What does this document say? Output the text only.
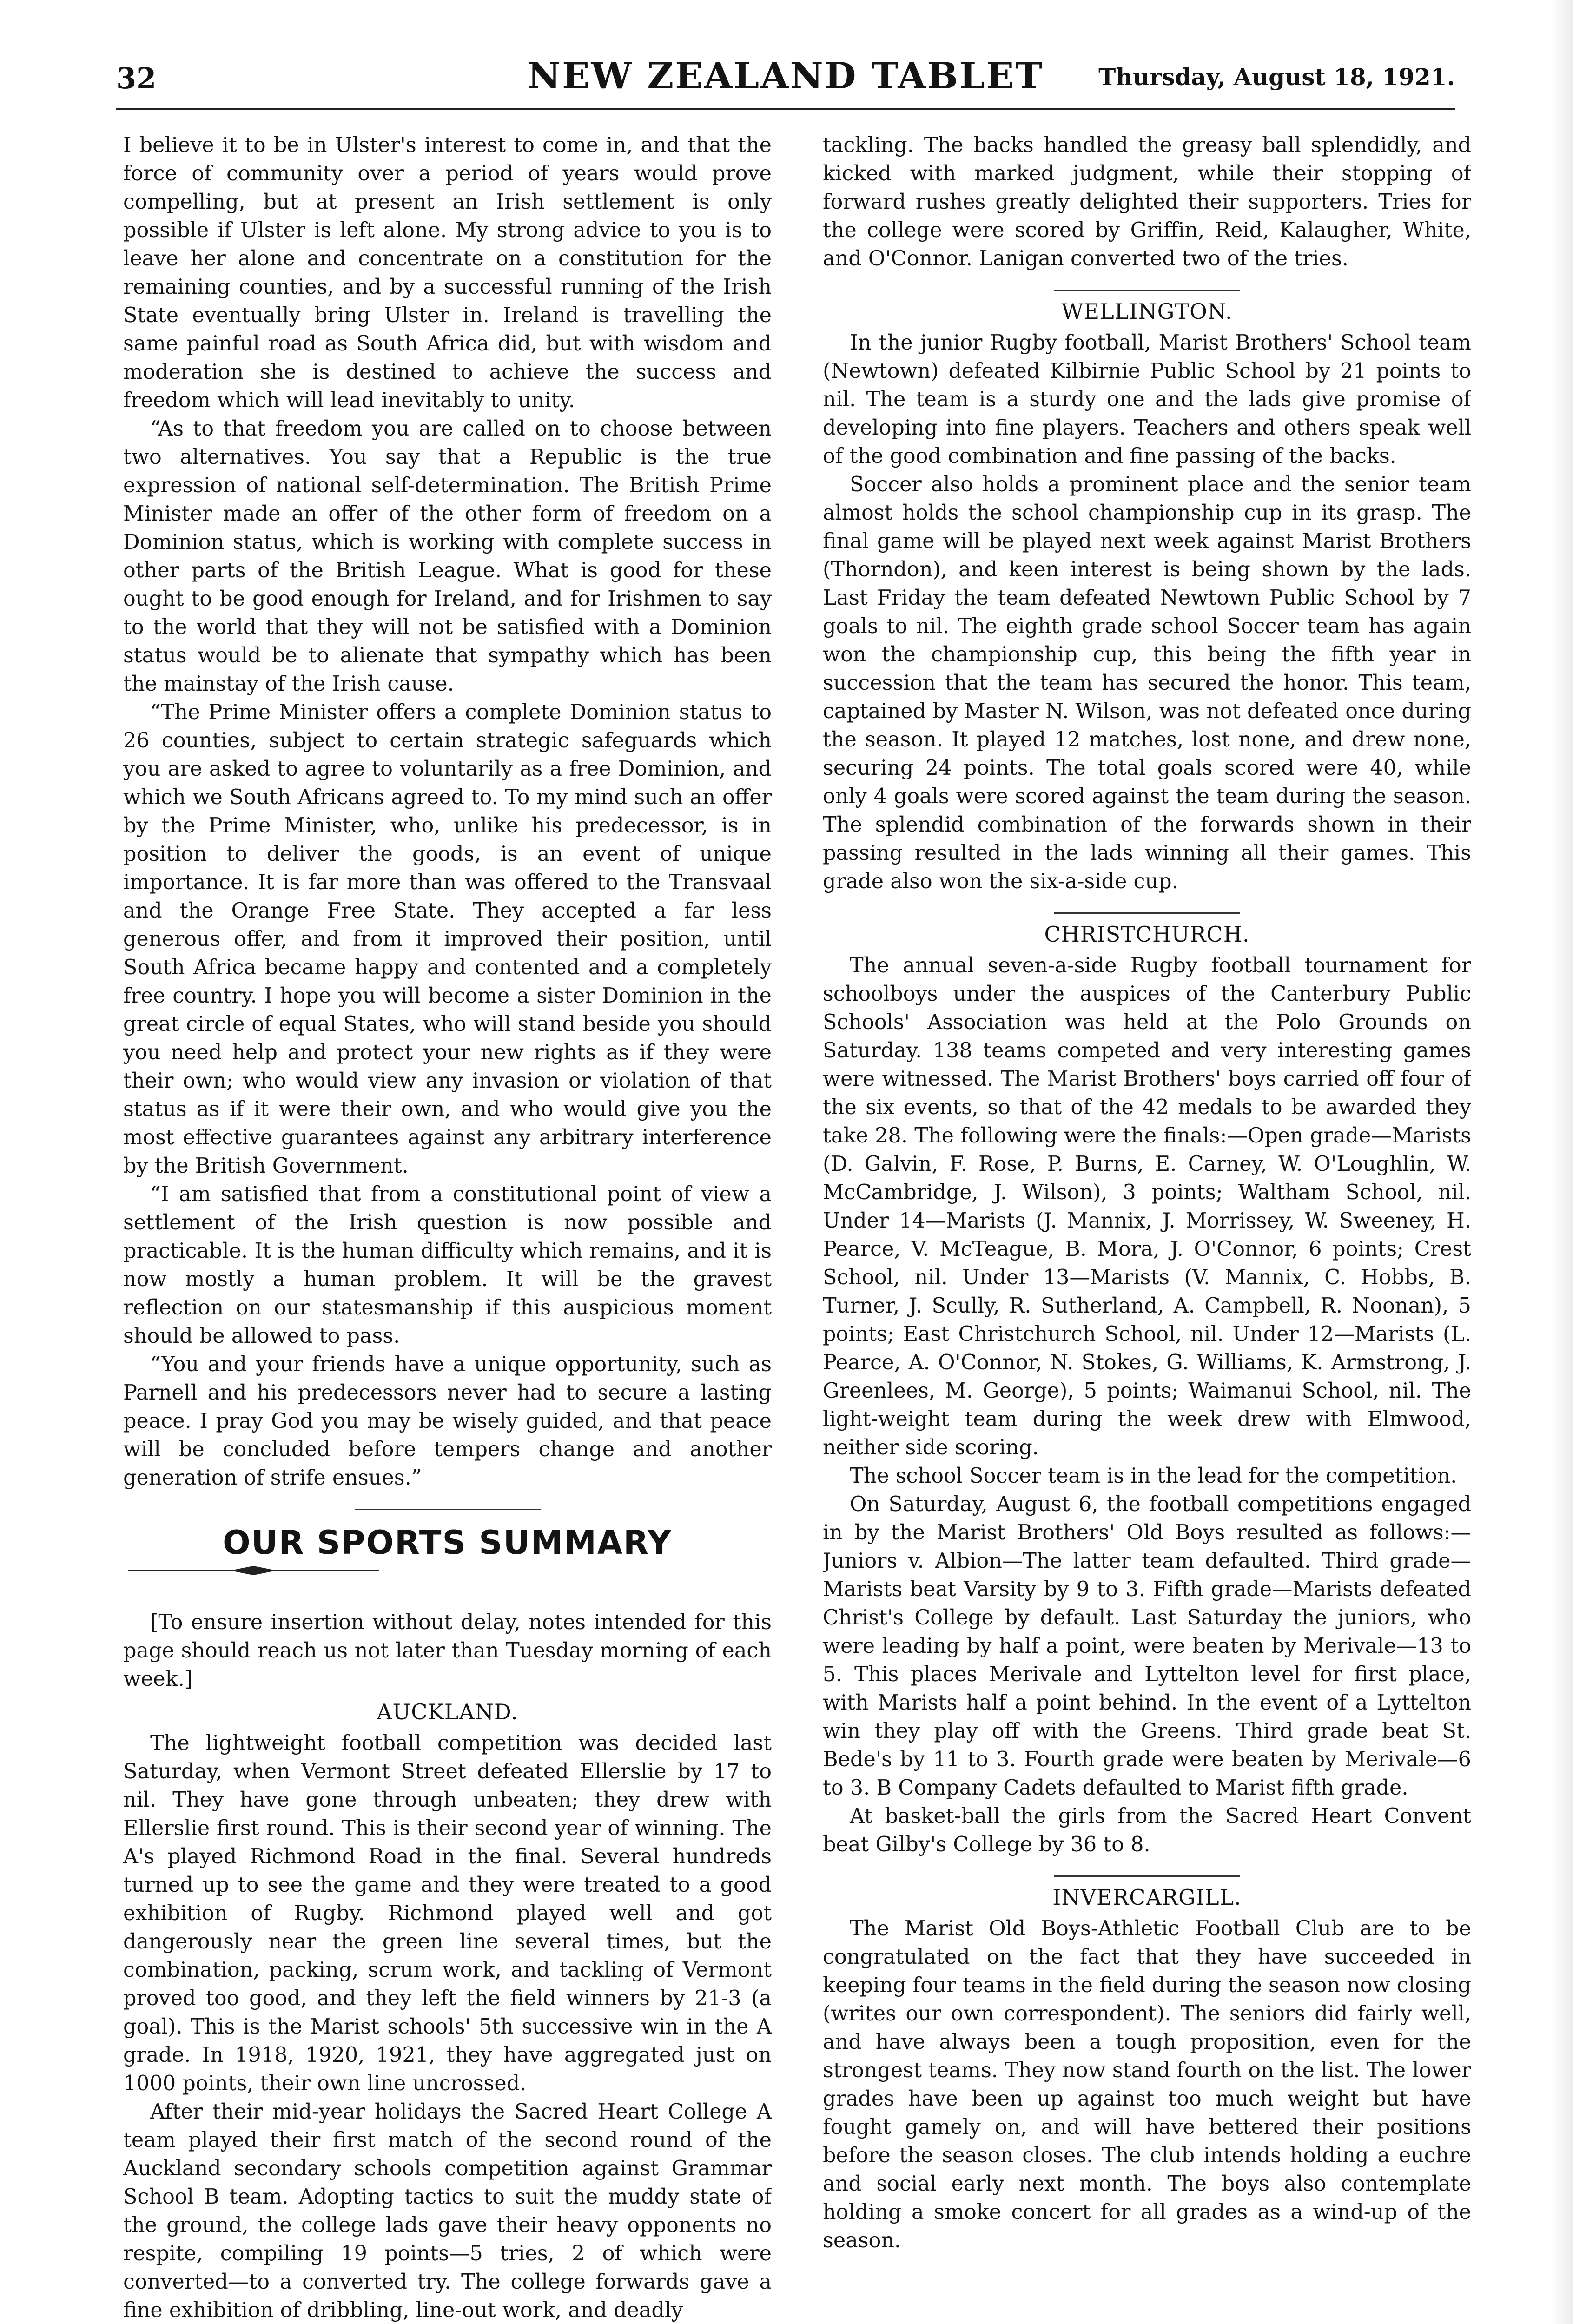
32	NEW ZEALAND TABLET	Thursday, August 18, 1921.

I believe it to be in Ulster's interest to come in, and that the force of community over a period of years would prove compelling, but at present an Irish settlement is only possible if Ulster is left alone. My strong advice to you is to leave her alone and concentrate on a constitution for the remaining counties, and by a successful running of the Irish State eventually bring Ulster in. Ireland is travelling the same painful road as South Africa did, but with wisdom and moderation she is destined to achieve the success and freedom which will lead inevitably to unity.

“As to that freedom you are called on to choose between two alternatives. You say that a Republic is the true expression of national self-determination. The British Prime Minister made an offer of the other form of freedom on a Dominion status, which is working with complete success in other parts of the British League. What is good for these ought to be good enough for Ireland, and for Irishmen to say to the world that they will not be satisfied with a Dominion status would be to alienate that sympathy which has been the mainstay of the Irish cause.

“The Prime Minister offers a complete Dominion status to 26 counties, subject to certain strategic safeguards which you are asked to agree to voluntarily as a free Dominion, and which we South Africans agreed to. To my mind such an offer by the Prime Minister, who, unlike his predecessor, is in position to deliver the goods, is an event of unique importance. It is far more than was offered to the Transvaal and the Orange Free State. They accepted a far less generous offer, and from it improved their position, until South Africa became happy and contented and a completely free country. I hope you will become a sister Dominion in the great circle of equal States, who will stand beside you should you need help and protect your new rights as if they were their own; who would view any invasion or violation of that status as if it were their own, and who would give you the most effective guarantees against any arbitrary interference by the British Government.

“I am satisfied that from a constitutional point of view a settlement of the Irish question is now possible and practicable. It is the human difficulty which remains, and it is now mostly a human problem. It will be the gravest reflection on our statesmanship if this auspicious moment should be allowed to pass.

“You and your friends have a unique opportunity, such as Parnell and his predecessors never had to secure a lasting peace. I pray God you may be wisely guided, and that peace will be concluded before tempers change and another generation of strife ensues.”

OUR SPORTS SUMMARY

[To ensure insertion without delay, notes intended for this page should reach us not later than Tuesday morning of each week.]

AUCKLAND.

The lightweight football competition was decided last Saturday, when Vermont Street defeated Ellerslie by 17 to nil. They have gone through unbeaten; they drew with Ellerslie first round. This is their second year of winning. The A's played Richmond Road in the final. Several hundreds turned up to see the game and they were treated to a good exhibition of Rugby. Richmond played well and got dangerously near the green line several times, but the combination, packing, scrum work, and tackling of Vermont proved too good, and they left the field winners by 21-3 (a goal). This is the Marist schools' 5th successive win in the A grade. In 1918, 1920, 1921, they have aggregated just on 1000 points, their own line uncrossed.

After their mid-year holidays the Sacred Heart College A team played their first match of the second round of the Auckland secondary schools competition against Grammar School B team. Adopting tactics to suit the muddy state of the ground, the college lads gave their heavy opponents no respite, compiling 19 points—5 tries, 2 of which were converted—to a converted try. The college forwards gave a fine exhibition of dribbling, line-out work, and deadly

tackling. The backs handled the greasy ball splendidly, and kicked with marked judgment, while their stopping of forward rushes greatly delighted their supporters. Tries for the college were scored by Griffin, Reid, Kalaugher, White, and O'Connor. Lanigan converted two of the tries.

WELLINGTON.

In the junior Rugby football, Marist Brothers' School team (Newtown) defeated Kilbirnie Public School by 21 points to nil. The team is a sturdy one and the lads give promise of developing into fine players. Teachers and others speak well of the good combination and fine passing of the backs.

Soccer also holds a prominent place and the senior team almost holds the school championship cup in its grasp. The final game will be played next week against Marist Brothers (Thorndon), and keen interest is being shown by the lads. Last Friday the team defeated Newtown Public School by 7 goals to nil. The eighth grade school Soccer team has again won the championship cup, this being the fifth year in succession that the team has secured the honor. This team, captained by Master N. Wilson, was not defeated once during the season. It played 12 matches, lost none, and drew none, securing 24 points. The total goals scored were 40, while only 4 goals were scored against the team during the season. The splendid combination of the forwards shown in their passing resulted in the lads winning all their games. This grade also won the six-a-side cup.

CHRISTCHURCH.

The annual seven-a-side Rugby football tournament for schoolboys under the auspices of the Canterbury Public Schools' Association was held at the Polo Grounds on Saturday. 138 teams competed and very interesting games were witnessed. The Marist Brothers' boys carried off four of the six events, so that of the 42 medals to be awarded they take 28. The following were the finals:—Open grade—Marists (D. Galvin, F. Rose, P. Burns, E. Carney, W. O'Loughlin, W. McCambridge, J. Wilson), 3 points; Waltham School, nil. Under 14—Marists (J. Mannix, J. Morrissey, W. Sweeney, H. Pearce, V. McTeague, B. Mora, J. O'Connor, 6 points; Crest School, nil. Under 13—Marists (V. Mannix, C. Hobbs, B. Turner, J. Scully, R. Sutherland, A. Campbell, R. Noonan), 5 points; East Christchurch School, nil. Under 12—Marists (L. Pearce, A. O'Connor, N. Stokes, G. Williams, K. Armstrong, J. Greenlees, M. George), 5 points; Waimanui School, nil. The light-weight team during the week drew with Elmwood, neither side scoring.

The school Soccer team is in the lead for the competition.

On Saturday, August 6, the football competitions engaged in by the Marist Brothers' Old Boys resulted as follows:—Juniors v. Albion—The latter team defaulted. Third grade—Marists beat Varsity by 9 to 3. Fifth grade—Marists defeated Christ's College by default. Last Saturday the juniors, who were leading by half a point, were beaten by Merivale—13 to 5. This places Merivale and Lyttelton level for first place, with Marists half a point behind. In the event of a Lyttelton win they play off with the Greens. Third grade beat St. Bede's by 11 to 3. Fourth grade were beaten by Merivale—6 to 3. B Company Cadets defaulted to Marist fifth grade.

At basket-ball the girls from the Sacred Heart Convent beat Gilby's College by 36 to 8.

INVERCARGILL.

The Marist Old Boys-Athletic Football Club are to be congratulated on the fact that they have succeeded in keeping four teams in the field during the season now closing (writes our own correspondent). The seniors did fairly well, and have always been a tough proposition, even for the strongest teams. They now stand fourth on the list. The lower grades have been up against too much weight but have fought gamely on, and will have bettered their positions before the season closes. The club intends holding a euchre and social early next month. The boys also contemplate holding a smoke concert for all grades as a wind-up of the season.
